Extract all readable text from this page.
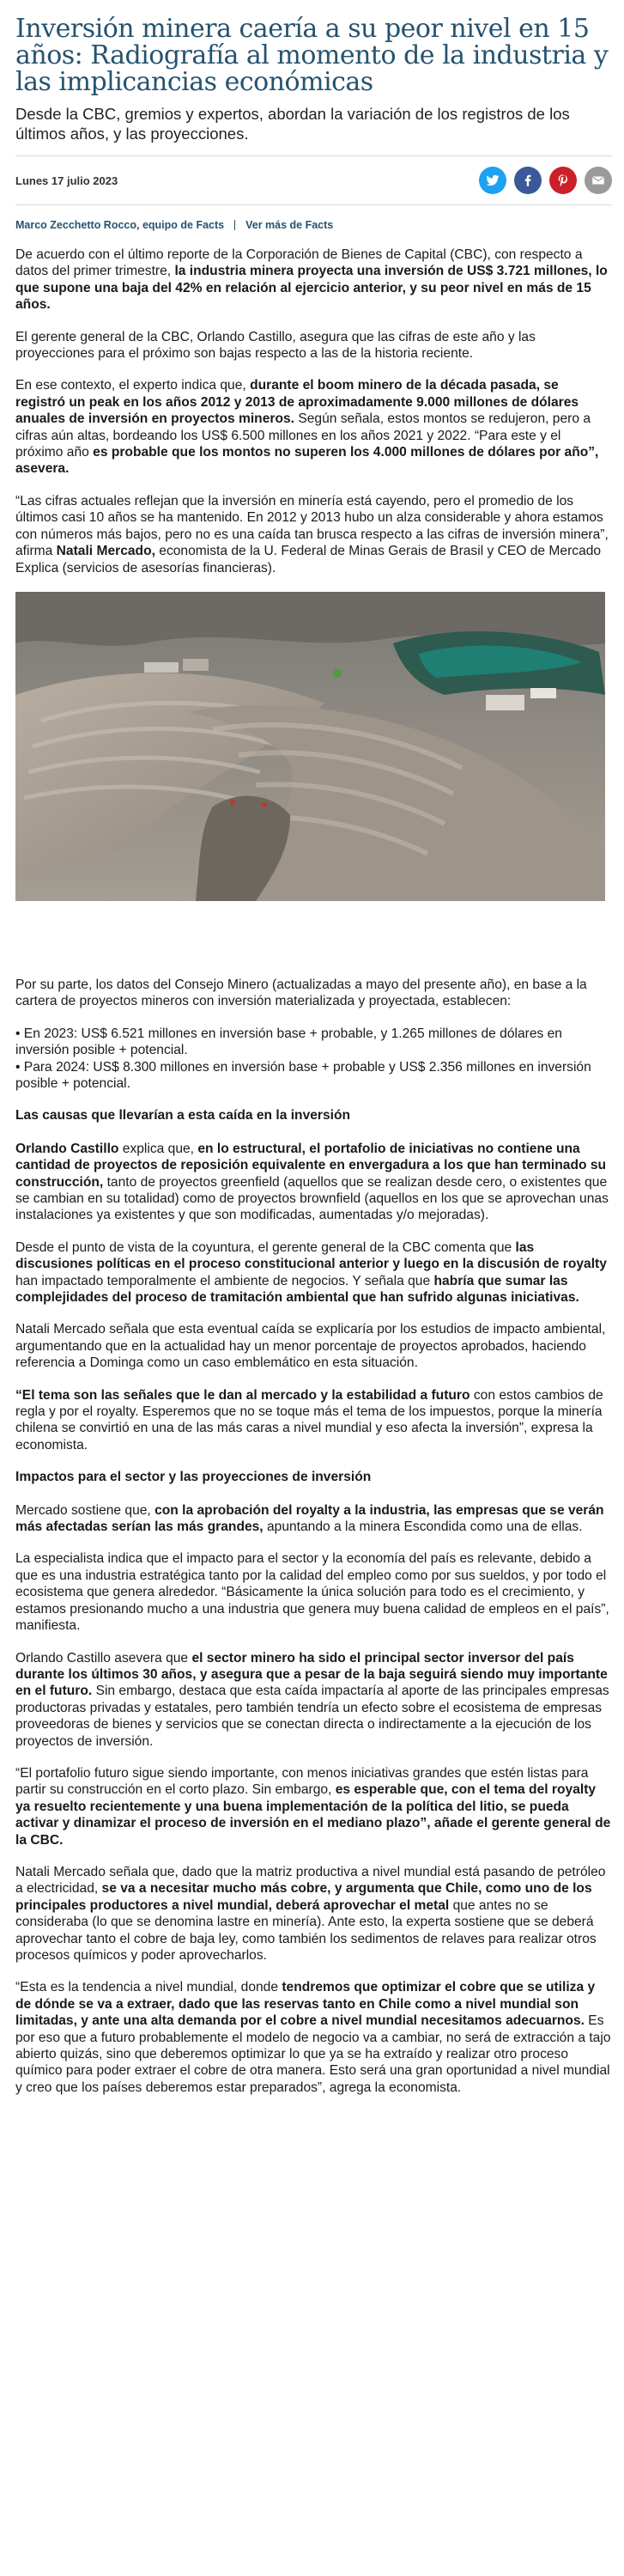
Inversión minera caería a su peor nivel en 15 años: Radiografía al momento de la industria y las implicancias económicas

Desde la CBC, gremios y expertos, abordan la variación de los registros de los últimos años, y las proyecciones.

Lunes 17 julio 2023
Marco Zecchetto Rocco, equipo de Facts Ver más de Facts

De acuerdo con el último reporte de la Corporación de Bienes de Capital (CBC), con respecto a datos del primer trimestre, la industria minera proyecta una inversión de US$ 3.721 millones, lo que supone una baja del 42% en relación al ejercicio anterior, y su peor nivel en más de 15 años.

El gerente general de la CBC, Orlando Castillo, asegura que las cifras de este año y las proyecciones para el próximo son bajas respecto a las de la historia reciente.

En ese contexto, el experto indica que, durante el boom minero de la década pasada, se registró un peak en los años 2012 y 2013 de aproximadamente 9.000 millones de dólares anuales de inversión en proyectos mineros. Según señala, estos montos se redujeron, pero a cifras aún altas, bordeando los US$ 6.500 millones en los años 2021 y 2022. “Para este y el próximo año es probable que los montos no superen los 4.000 millones de dólares por año”, asevera.

“Las cifras actuales reflejan que la inversión en minería está cayendo, pero el promedio de los últimos casi 10 años se ha mantenido. En 2012 y 2013 hubo un alza considerable y ahora estamos con números más bajos, pero no es una caída tan brusca respecto a las cifras de inversión minera”, afirma Natali Mercado, economista de la U. Federal de Minas Gerais de Brasil y CEO de Mercado Explica (servicios de asesorías financieras).

Por su parte, los datos del Consejo Minero (actualizadas a mayo del presente año), en base a la cartera de proyectos mineros con inversión materializada y proyectada, establecen:

• En 2023: US$ 6.521 millones en inversión base + probable, y 1.265 millones de dólares en inversión posible + potencial.

• Para 2024: US$ 8.300 millones en inversión base + probable y US$ 2.356 millones en inversión posible + potencial.

Las causas que llevarían a esta caída en la inversión

Orlando Castillo explica que, en lo estructural, el portafolio de iniciativas no contiene una cantidad de proyectos de reposición equivalente en envergadura a los que han terminado su construcción, tanto de proyectos greenfield (aquellos que se realizan desde cero, o existentes que se cambian en su totalidad) como de proyectos brownfield (aquellos en los que se aprovechan unas instalaciones ya existentes y que son modificadas, aumentadas y/o mejoradas).

Desde el punto de vista de la coyuntura, el gerente general de la CBC comenta que las discusiones políticas en el proceso constitucional anterior y luego en la discusión de royalty han impactado temporalmente el ambiente de negocios. Y señala que habría que sumar las complejidades del proceso de tramitación ambiental que han sufrido algunas iniciativas.

Natali Mercado señala que esta eventual caída se explicaría por los estudios de impacto ambiental, argumentando que en la actualidad hay un menor porcentaje de proyectos aprobados, haciendo referencia a Dominga como un caso emblemático en esta situación.

“El tema son las señales que le dan al mercado y la estabilidad a futuro con estos cambios de regla y por el royalty. Esperemos que no se toque más el tema de los impuestos, porque la minería chilena se convirtió en una de las más caras a nivel mundial y eso afecta la inversión”, expresa la economista.

Impactos para el sector y las proyecciones de inversión

Mercado sostiene que, con la aprobación del royalty a la industria, las empresas que se verán más afectadas serían las más grandes, apuntando a la minera Escondida como una de ellas.

La especialista indica que el impacto para el sector y la economía del país es relevante, debido a que es una industria estratégica tanto por la calidad del empleo como por sus sueldos, y por todo el ecosistema que genera alrededor. “Básicamente la única solución para todo es el crecimiento, y estamos presionando mucho a una industria que genera muy buena calidad de empleos en el país”, manifiesta.

Orlando Castillo asevera que el sector minero ha sido el principal sector inversor del país durante los últimos 30 años, y asegura que a pesar de la baja seguirá siendo muy importante en el futuro. Sin embargo, destaca que esta caída impactaría al aporte de las principales empresas productoras privadas y estatales, pero también tendría un efecto sobre el ecosistema de empresas proveedoras de bienes y servicios que se conectan directa o indirectamente a la ejecución de los proyectos de inversión.

“El portafolio futuro sigue siendo importante, con menos iniciativas grandes que estén listas para partir su construcción en el corto plazo. Sin embargo, es esperable que, con el tema del royalty ya resuelto recientemente y una buena implementación de la política del litio, se pueda activar y dinamizar el proceso de inversión en el mediano plazo”, añade el gerente general de la CBC.

Natali Mercado señala que, dado que la matriz productiva a nivel mundial está pasando de petróleo a electricidad, se va a necesitar mucho más cobre, y argumenta que Chile, como uno de los principales productores a nivel mundial, deberá aprovechar el metal que antes no se consideraba (lo que se denomina lastre en minería). Ante esto, la experta sostiene que se deberá aprovechar tanto el cobre de baja ley, como también los sedimentos de relaves para realizar otros procesos químicos y poder aprovecharlos.

“Esta es la tendencia a nivel mundial, donde tendremos que optimizar el cobre que se utiliza y de dónde se va a extraer, dado que las reservas tanto en Chile como a nivel mundial son limitadas, y ante una alta demanda por el cobre a nivel mundial necesitamos adecuarnos. Es por eso que a futuro probablemente el modelo de negocio va a cambiar, no será de extracción a tajo abierto quizás, sino que deberemos optimizar lo que ya se ha extraído y realizar otro proceso químico para poder extraer el cobre de otra manera. Esto será una gran oportunidad a nivel mundial y creo que los países deberemos estar preparados”, agrega la economista.
